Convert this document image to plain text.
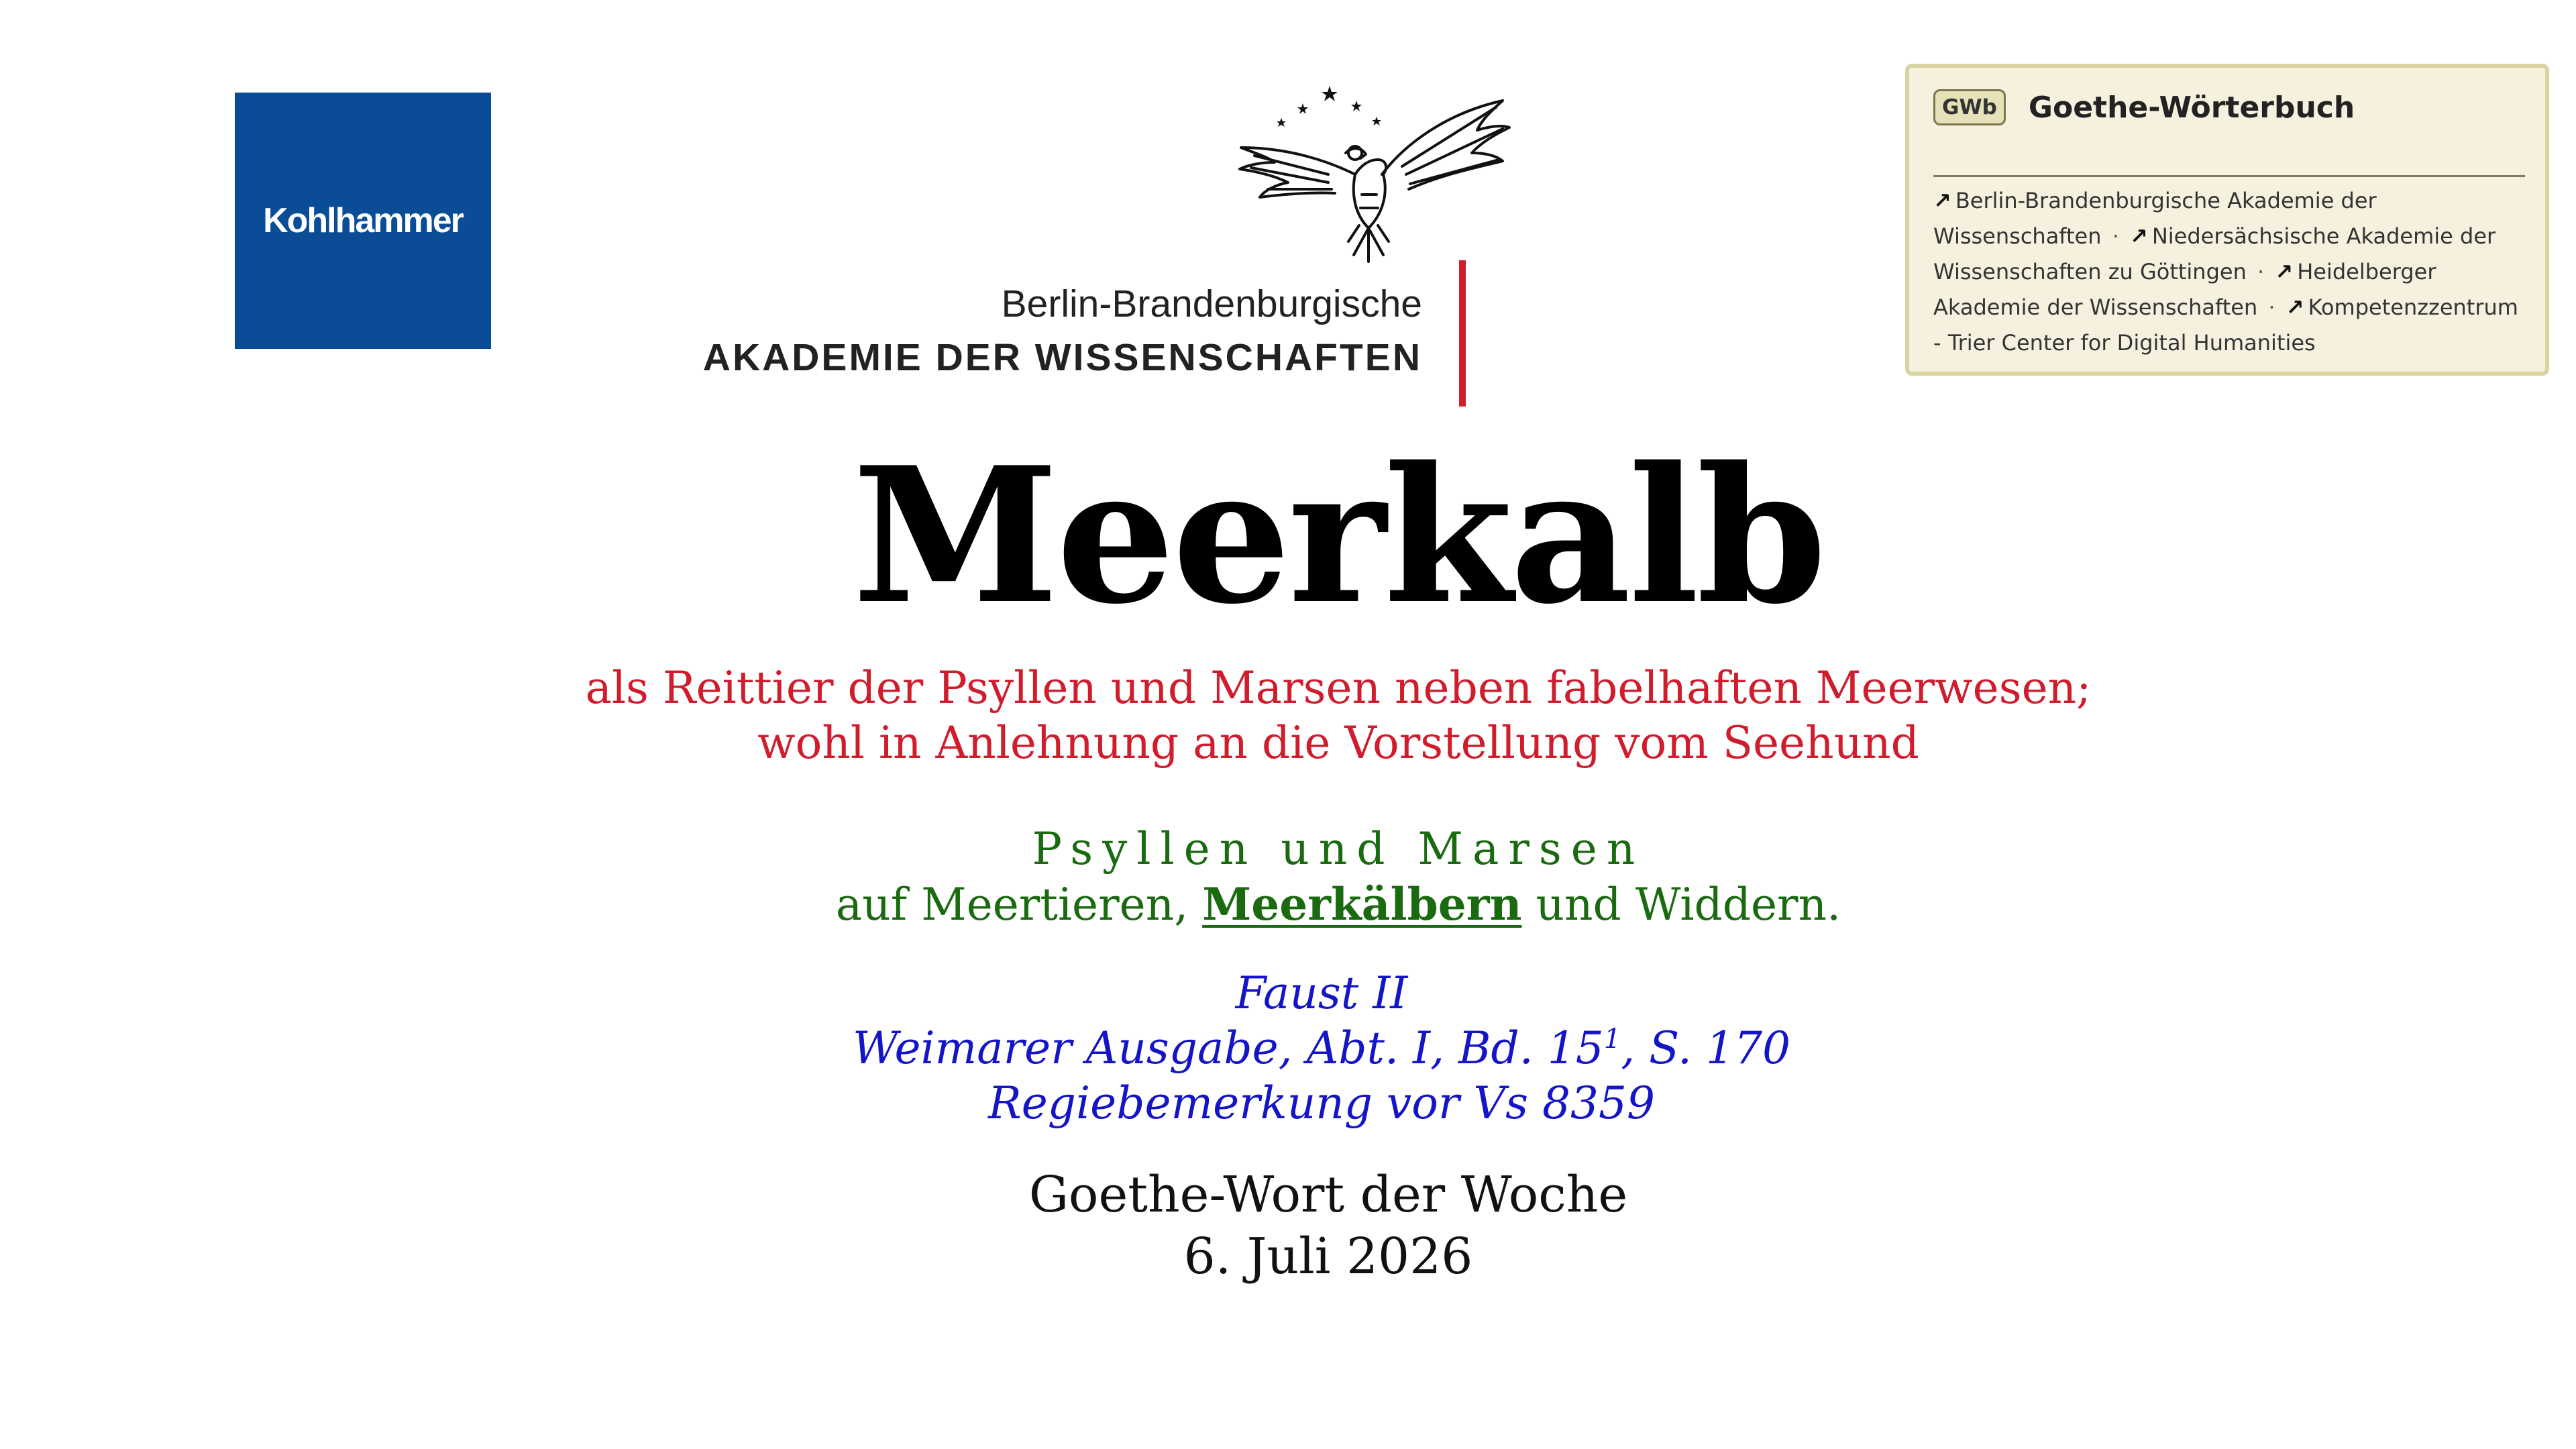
Kohlhammer
Berlin-Brandenburgische
AKADEMIE DER WISSENSCHAFTEN
GWb Goethe-Wörterbuch
↗ Berlin-Brandenburgische Akademie der Wissenschaften · ↗ Niedersächsische Akademie der Wissenschaften zu Göttingen · ↗ Heidelberger Akademie der Wissenschaften · ↗ Kompetenzzentrum - Trier Center for Digital Humanities
Meerkalb
als Reittier der Psyllen und Marsen neben fabelhaften Meerwesen;
wohl in Anlehnung an die Vorstellung vom Seehund
Psyllen und Marsen
auf Meertieren, Meerkälbern und Widdern.
Faust II
Weimarer Ausgabe, Abt. I, Bd. $15^1$, S. 170
Regiebemerkung vor Vs 8359
Goethe-Wort der Woche
6. Juli 2026
